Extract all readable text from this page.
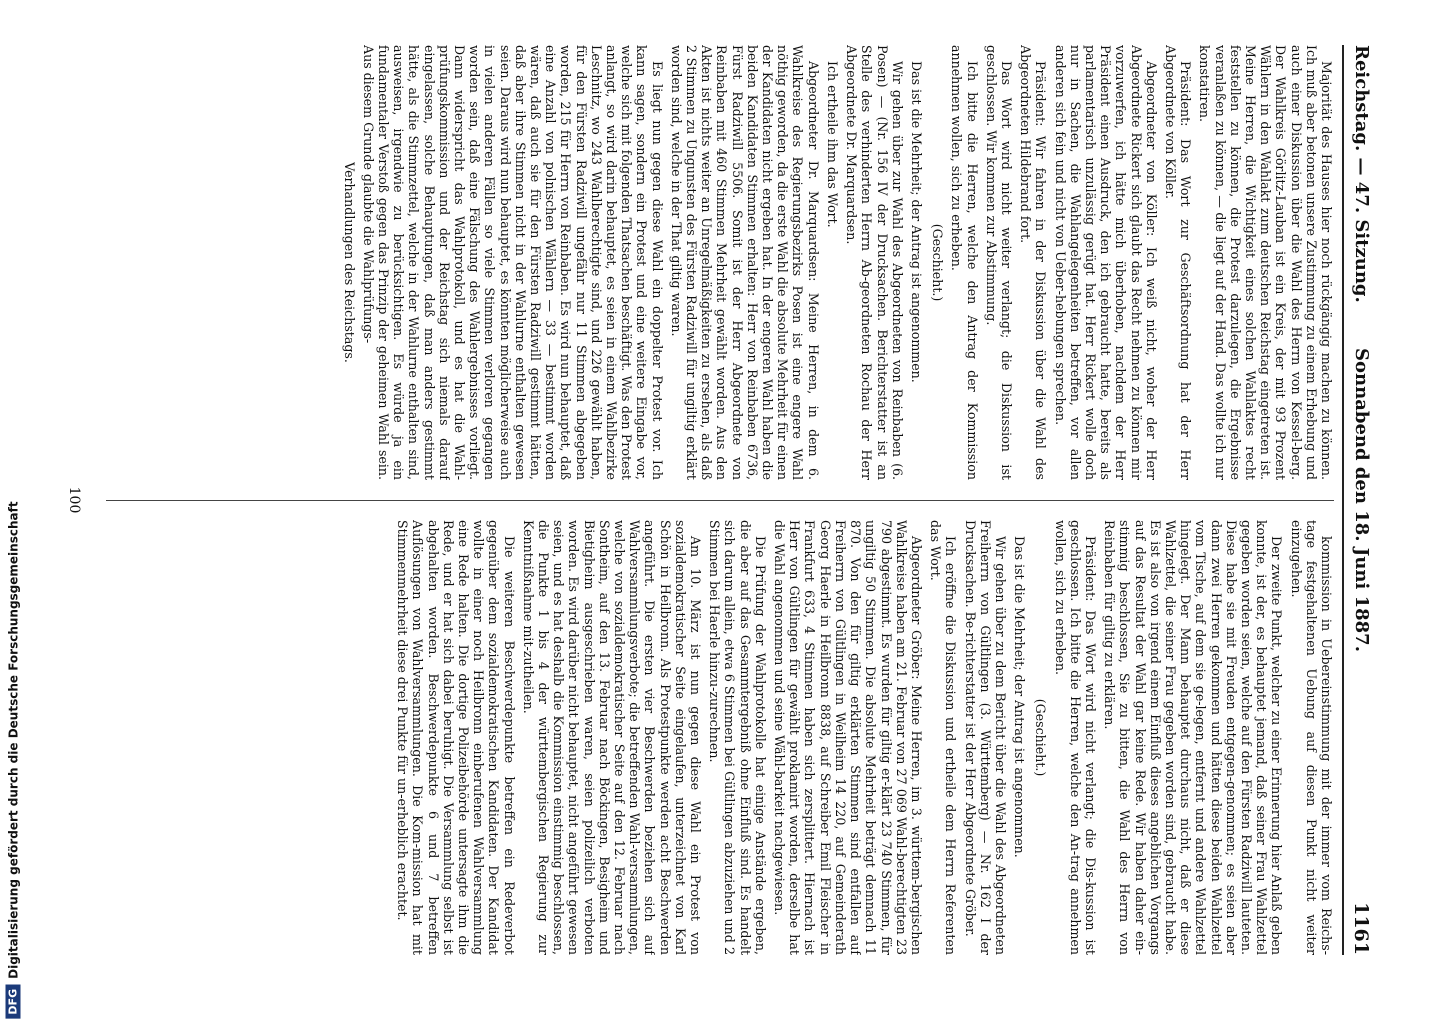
DFG
Digitalisierung gefördert durch die Deutsche Forschungsgemeinschaft
Reichstag. — 47. Sitzung.
Sonnabend den 18. Juni 1887.
1161

Majorität des Hauses hier noch rückgängig machen zu können. Ich muß aber betonen unsere Zustimmung zu einem Erhebung und auch einer Diskussion über die Wahl des Herrn von Kessel-berg. Der Wahlkreis Görlitz-Lauban ist ein Kreis, der mit 93 Prozent Wählern in den Wahlakt zum deutschen Reichstag eingetreten ist. Meine Herren, die Wichtigkeit eines solchen Wahlaktes recht feststellen zu können, die Protest darzulegen, die Ergebnisse veranlaßen zu können, — die liegt auf der Hand. Das wollte ich nur konstatiren.

Präsident: Das Wort zur Geschäftsordnung hat der Herr Abgeordnete von Köller.

Abgeordneter von Köller: Ich weiß nicht, woher der Herr Abgeordnete Rickert sich glaubt das Recht nehmen zu können mir vorzuwerfen, ich hätte mich überhoben, nachdem der Herr Präsident einen Ausdruck, den ich gebraucht hatte, bereits als parlamentarisch unzulässig gerügt hat. Herr Rickert wolle doch nur in Sachen, die Wahlangelegenheiten betreffen, vor allen anderen sich fein und nicht von Ueber-hebungen sprechen.

Präsident: Wir fahren in der Diskussion über die Wahl des Abgeordneten Hildebrand fort.

Das Wort wird nicht weiter verlangt; die Diskussion ist geschlossen. Wir kommen zur Abstimmung.

Ich bitte die Herren, welche den Antrag der Kommission annehmen wollen, sich zu erheben.

(Geschieht.)

Das ist die Mehrheit; der Antrag ist angenommen.

Wir gehen über zur Wahl des Abgeordneten von Reinbaben (6. Posen) — (Nr. 156 IV der Drucksachen. Berichterstatter ist an Stelle des verhinderten Herrn Ab-geordneten Rochau der Herr Abgeordnete Dr. Marquardsen.

Ich ertheile ihm das Wort.

Abgeordneter Dr. Marquardsen: Meine Herren, in dem 6. Wahlkreise des Regierungsbezirks Posen ist eine engere Wahl nöthig geworden, da die erste Wahl die absolute Mehrheit für einen der Kandidaten nicht ergeben hat. In der engeren Wahl haben die beiden Kandidaten Stimmen erhalten: Herr von Reinbaben 6736, Fürst Radziwill 5506. Somit ist der Herr Abgeordnete von Reinbaben mit 460 Stimmen Mehrheit gewählt worden. Aus den Akten ist nichts weiter an Unregelmäßigkeiten zu ersehen, als daß 2 Stimmen zu Ungunsten des Fürsten Radziwill für ungiltig erklärt worden sind, welche in der That giltig waren.

Es liegt nun gegen diese Wahl ein doppelter Protest vor. Ich kann sagen, sondern ein Protest und eine weitere Eingabe vor, welche sich mit folgenden Thatsachen beschäftigt. Was den Protest anlangt, so wird darin behauptet, es seien in einem Wahlbezirke Leschnitz, wo 243 Wahlberechtigte sind, und 226 gewählt haben, für den Fürsten Radziwill ungefähr nur 11 Stimmen abgegeben worden, 215 für Herrn von Reinbaben. Es wird nun behauptet, daß eine Anzahl von polnischen Wählern — 33 — bestimmt worden wären, daß auch sie für den Fürsten Radziwill gestimmt hätten, daß aber ihre Stimmen nicht in der Wahlurne enthalten gewesen seien. Daraus wird nun behauptet, es könnten möglicherweise auch in vielen anderen Fällen so viele Stimmen verloren gegangen worden sein, daß eine Fälschung des Wahlergebnisses vorliegt. Dann widerspricht das Wahlprotokoll, und es hat die Wahl-prüfungskommission und der Reichstag sich niemals darauf eingelassen, solche Behauptungen, daß man anders gestimmt hätte, als die Stimmzettel, welche in der Wahlurne enthalten sind, ausweisen, irgendwie zu berücksichtigen. Es würde ja ein fundamentaler Verstoß gegen das Prinzip der geheimen Wahl sein. Aus diesem Grunde glaubte die Wahlprüfungs-

Verhandlungen des Reichstags.

kommission in Uebereinstimmung mit der immer vom Reichs-tage festgehaltenen Uebung auf diesen Punkt nicht weiter einzugehen.

Der zweite Punkt, welcher zu einer Erinnerung hier Anlaß geben konnte, ist der, es behauptet jemand, daß seiner Frau Wahlzettel gegeben worden seien, welche auf den Fürsten Radziwill lauteten. Diese habe sie mit Freuden entgegen-genommen; es seien aber dann zwei Herren gekommen und hätten diese beiden Wahlzettel vom Tische, auf dem sie ge-legen, entfernt und andere Wahlzettel hingelegt. Der Mann behauptet durchaus nicht, daß er diese Wahlzettel, die seiner Frau gegeben worden sind, gebraucht habe. Es ist also von irgend einem Einfluß dieses angeblichen Vorgangs auf das Resultat der Wahl gar keine Rede. Wir haben daher ein-stimmig beschlossen, Sie zu bitten, die Wahl des Herrn von Reinbaben für giltig zu erklären.

Präsident: Das Wort wird nicht verlangt; die Dis-kussion ist geschlossen. Ich bitte die Herren, welche den An-trag annehmen wollen, sich zu erheben.

(Geschieht.)

Das ist die Mehrheit; der Antrag ist angenommen.

Wir gehen über zu dem Bericht über die Wahl des Abgeordneten Freiherrn von Gültlingen (3. Württemberg) — Nr. 162 I der Drucksachen. Be-richterstatter ist der Herr Abgeordnete Gröber.

Ich eröffne die Diskussion und ertheile dem Herrn Referenten das Wort.

Abgeordneter Gröber: Meine Herren, im 3. württem-bergischen Wahlkreise haben am 21. Februar von 27 069 Wahl-berechtigten 23 790 abgestimmt. Es wurden für giltig er-klärt 23 740 Stimmen, für ungiltig 50 Stimmen. Die absolute Mehrheit beträgt demnach 11 870. Von den für giltig erklärten Stimmen sind entfallen auf Freiherrn von Gültlingen in Weilheim 14 220, auf Gemeinderath Georg Haerle in Heilbronn 8838, auf Schreiber Emil Fleischer in Frankfurt 633, 4 Stimmen haben sich zersplittert. Hiernach ist Herr von Gültlingen für gewählt proklamirt worden, derselbe hat die Wahl angenommen und seine Wähl-barkeit nachgewiesen.

Die Prüfung der Wahlprotokolle hat einige Anstände ergeben, die aber auf das Gesammtergebniß ohne Einfluß sind. Es handelt sich darum allein, etwa 6 Stimmen bei Gültlingen abzuziehen und 2 Stimmen bei Haerle hinzu-zurechnen.

Am 10. März ist nun gegen diese Wahl ein Protest von sozialdemokratischer Seite eingelaufen, unterzeichnet von Karl Schön in Heilbronn. Als Protestpunkte werden acht Beschwerden angeführt. Die ersten vier Beschwerden beziehen sich auf Wahlversammlungsverbote; die betreffenden Wahl-versammlungen, welche von sozialdemokratischer Seite auf den 12. Februar nach Sontheim, auf den 13. Februar nach Böckingen, Besigheim und Bietigheim ausgeschrieben waren, seien polizeilich verboten worden. Es wird darüber nicht behauptet, nicht angeführt gewesen seien, und es hat deshalb die Kommission einstimmig beschlossen, die Punkte 1 bis 4 der württembergischen Regierung zur Kenntnißnahme mit-zutheilen.

Die weiteren Beschwerdepunkte betreffen ein Redeverbot gegenüber dem sozialdemokratischen Kandidaten. Der Kandidat wollte in einer noch Heilbronn einberufenen Wahlversammlung eine Rede halten. Die dortige Polizeibehörde untersagte ihm die Rede, und er hat sich dabei beruhigt. Die Versammlung selbst ist abgehalten worden. Beschwerdepunkte 6 und 7 betreffen Auflösungen von Wahlversammlungen. Die Kom-mission hat mit Stimmenmehrheit diese drei Punkte für un-erheblich erachtet.

100
